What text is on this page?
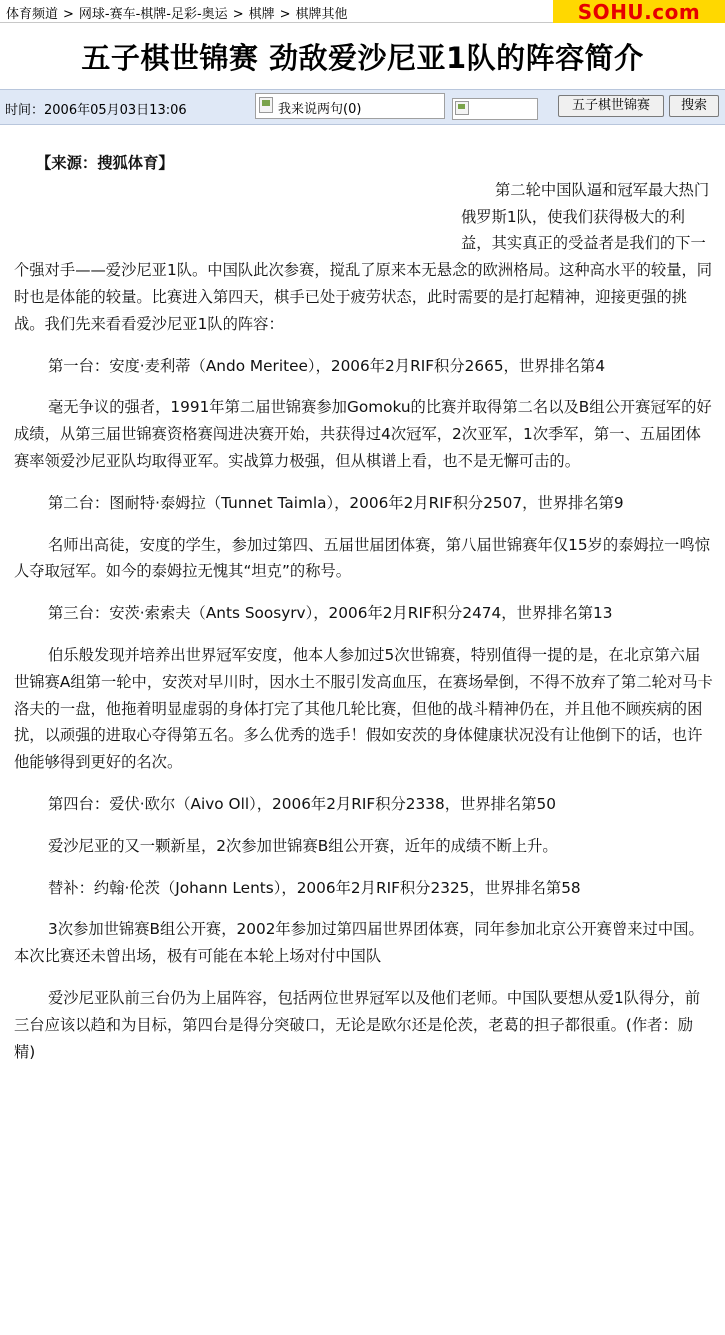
体育频道 > 网球-赛车-棋牌-足彩-奥运 > 棋牌 > 棋牌其他	SOHU.com
五子棋世锦赛 劲敌爱沙尼亚1队的阵容简介
时间：2006年05月03日13:06	我来说两句(0)	五子棋世锦赛	搜索

【来源：搜狐体育】

第二轮中国队逼和冠军最大热门俄罗斯1队，使我们获得极大的利益，其实真正的受益者是我们的下一个强对手——爱沙尼亚1队。中国队此次参赛，搅乱了原来本无悬念的欧洲格局。这种高水平的较量，同时也是体能的较量。比赛进入第四天，棋手已处于疲劳状态，此时需要的是打起精神，迎接更强的挑战。我们先来看看爱沙尼亚1队的阵容：

第一台：安度·麦利蒂（Ando Meritee），2006年2月RIF积分2665，世界排名第4

毫无争议的强者，1991年第二届世锦赛参加Gomoku的比赛并取得第二名以及B组公开赛冠军的好成绩，从第三届世锦赛资格赛闯进决赛开始，共获得过4次冠军，2次亚军，1次季军，第一、五届团体赛率领爱沙尼亚队均取得亚军。实战算力极强，但从棋谱上看，也不是无懈可击的。

第二台：图耐特·泰姆拉（Tunnet Taimla），2006年2月RIF积分2507，世界排名第9

名师出高徒，安度的学生，参加过第四、五届世届团体赛，第八届世锦赛年仅15岁的泰姆拉一鸣惊人夺取冠军。如今的泰姆拉无愧其“坦克”的称号。

第三台：安茨·索索夫（Ants Soosyrv），2006年2月RIF积分2474，世界排名第13

伯乐般发现并培养出世界冠军安度，他本人参加过5次世锦赛，特别值得一提的是，在北京第六届世锦赛A组第一轮中，安茨对早川时，因水土不服引发高血压，在赛场晕倒，不得不放弃了第二轮对马卡洛夫的一盘，他拖着明显虚弱的身体打完了其他几轮比赛，但他的战斗精神仍在，并且他不顾疾病的困扰，以顽强的进取心夺得第五名。多么优秀的选手！假如安茨的身体健康状况没有让他倒下的话，也许他能够得到更好的名次。

第四台：爱伏·欧尔（Aivo Oll），2006年2月RIF积分2338，世界排名第50

爱沙尼亚的又一颗新星，2次参加世锦赛B组公开赛，近年的成绩不断上升。

替补：约翰·伦茨（Johann Lents），2006年2月RIF积分2325，世界排名第58

3次参加世锦赛B组公开赛，2002年参加过第四届世界团体赛，同年参加北京公开赛曾来过中国。本次比赛还未曾出场，极有可能在本轮上场对付中国队

爱沙尼亚队前三台仍为上届阵容，包括两位世界冠军以及他们老师。中国队要想从爱1队得分，前三台应该以趋和为目标，第四台是得分突破口，无论是欧尔还是伦茨，老葛的担子都很重。(作者：励精)
